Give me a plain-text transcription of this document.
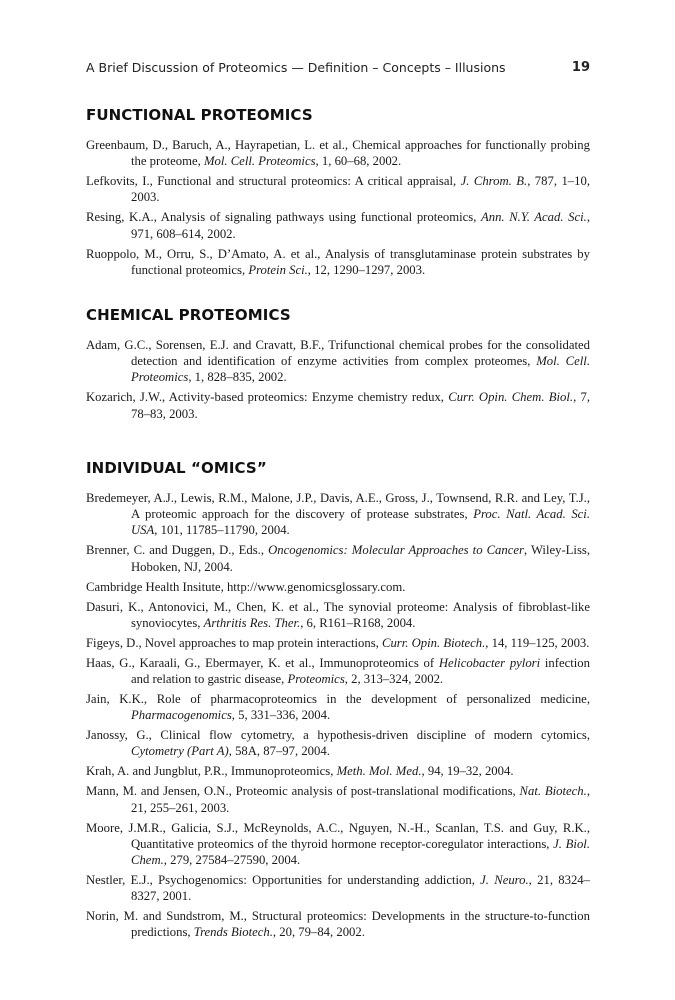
A Brief Discussion of Proteomics — Definition – Concepts – Illusions	19
FUNCTIONAL PROTEOMICS
Greenbaum, D., Baruch, A., Hayrapetian, L. et al., Chemical approaches for functionally probing the proteome, Mol. Cell. Proteomics, 1, 60–68, 2002.
Lefkovits, I., Functional and structural proteomics: A critical appraisal, J. Chrom. B., 787, 1–10, 2003.
Resing, K.A., Analysis of signaling pathways using functional proteomics, Ann. N.Y. Acad. Sci., 971, 608–614, 2002.
Ruoppolo, M., Orru, S., D’Amato, A. et al., Analysis of transglutaminase protein substrates by functional proteomics, Protein Sci., 12, 1290–1297, 2003.
CHEMICAL PROTEOMICS
Adam, G.C., Sorensen, E.J. and Cravatt, B.F., Trifunctional chemical probes for the consolidated detection and identification of enzyme activities from complex proteomes, Mol. Cell. Proteomics, 1, 828–835, 2002.
Kozarich, J.W., Activity-based proteomics: Enzyme chemistry redux, Curr. Opin. Chem. Biol., 7, 78–83, 2003.
INDIVIDUAL “OMICS”
Bredemeyer, A.J., Lewis, R.M., Malone, J.P., Davis, A.E., Gross, J., Townsend, R.R. and Ley, T.J., A proteomic approach for the discovery of protease substrates, Proc. Natl. Acad. Sci. USA, 101, 11785–11790, 2004.
Brenner, C. and Duggen, D., Eds., Oncogenomics: Molecular Approaches to Cancer, Wiley-Liss, Hoboken, NJ, 2004.
Cambridge Health Insitute, http://www.genomicsglossary.com.
Dasuri, K., Antonovici, M., Chen, K. et al., The synovial proteome: Analysis of fibroblast-like synoviocytes, Arthritis Res. Ther., 6, R161–R168, 2004.
Figeys, D., Novel approaches to map protein interactions, Curr. Opin. Biotech., 14, 119–125, 2003.
Haas, G., Karaali, G., Ebermayer, K. et al., Immunoproteomics of Helicobacter pylori infection and relation to gastric disease, Proteomics, 2, 313–324, 2002.
Jain, K.K., Role of pharmacoproteomics in the development of personalized medicine, Pharmacogenomics, 5, 331–336, 2004.
Janossy, G., Clinical flow cytometry, a hypothesis-driven discipline of modern cytomics, Cytometry (Part A), 58A, 87–97, 2004.
Krah, A. and Jungblut, P.R., Immunoproteomics, Meth. Mol. Med., 94, 19–32, 2004.
Mann, M. and Jensen, O.N., Proteomic analysis of post-translational modifications, Nat. Biotech., 21, 255–261, 2003.
Moore, J.M.R., Galicia, S.J., McReynolds, A.C., Nguyen, N.-H., Scanlan, T.S. and Guy, R.K., Quantitative proteomics of the thyroid hormone receptor-coregulator interactions, J. Biol. Chem., 279, 27584–27590, 2004.
Nestler, E.J., Psychogenomics: Opportunities for understanding addiction, J. Neuro., 21, 8324–8327, 2001.
Norin, M. and Sundstrom, M., Structural proteomics: Developments in the structure-to-function predictions, Trends Biotech., 20, 79–84, 2002.
